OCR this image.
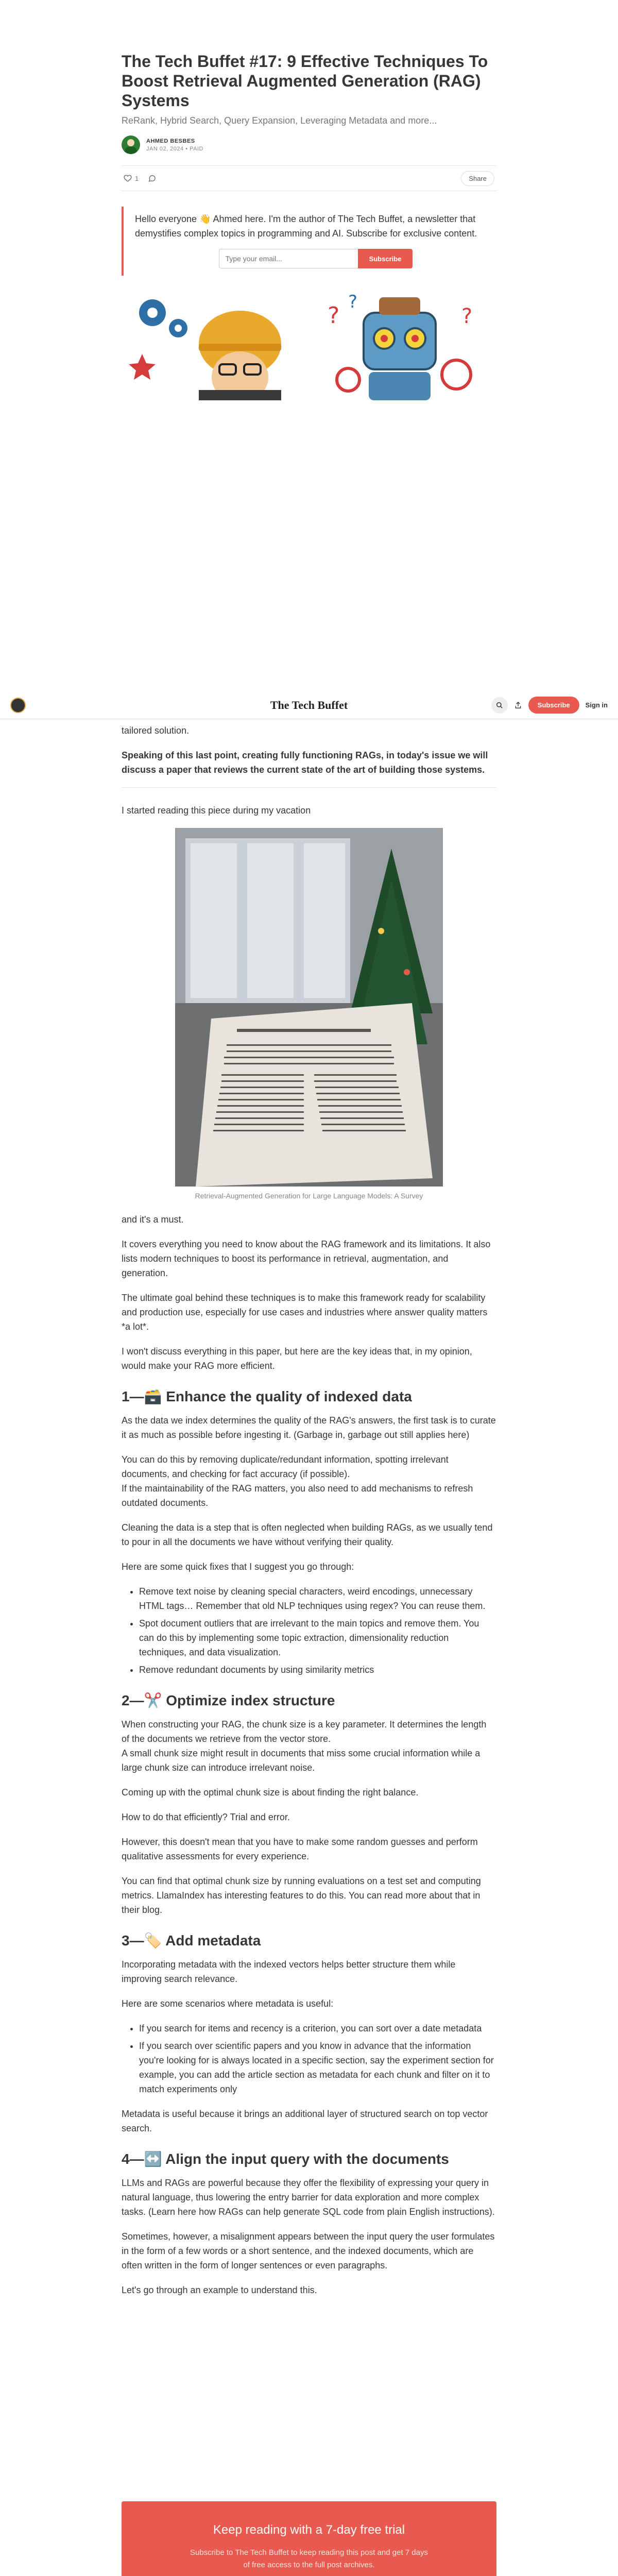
The Tech Buffet #17: 9 Effective Techniques To Boost Retrieval Augmented Generation (RAG) Systems
ReRank, Hybrid Search, Query Expansion, Leveraging Metadata and more...
AHMED BESBES
JAN 02, 2024 • PAID
1	Share

Hello everyone 👋 Ahmed here. I'm the author of The Tech Buffet, a newsletter that demystifies complex topics in programming and AI. Subscribe for exclusive content.

Type your email...
Subscribe
?
?
?
The Tech Buffet	Subscribe	Sign in

tailored solution.

Speaking of this last point, creating fully functioning RAGs, in today's issue we will discuss a paper that reviews the current state of the art of building those systems.

I started reading this piece during my vacation

Retrieval-Augmented Generation for Large Language Models: A Survey

and it's a must.

It covers everything you need to know about the RAG framework and its limitations. It also lists modern techniques to boost its performance in retrieval, augmentation, and generation.

The ultimate goal behind these techniques is to make this framework ready for scalability and production use, especially for use cases and industries where answer quality matters *a lot*.

I won't discuss everything in this paper, but here are the key ideas that, in my opinion, would make your RAG more efficient.

1—🗃️ Enhance the quality of indexed data

As the data we index determines the quality of the RAG's answers, the first task is to curate it as much as possible before ingesting it. (Garbage in, garbage out still applies here)

You can do this by removing duplicate/redundant information, spotting irrelevant documents, and checking for fact accuracy (if possible).

If the maintainability of the RAG matters, you also need to add mechanisms to refresh outdated documents.

Cleaning the data is a step that is often neglected when building RAGs, as we usually tend to pour in all the documents we have without verifying their quality.

Here are some quick fixes that I suggest you go through:

• Remove text noise by cleaning special characters, weird encodings, unnecessary HTML tags… Remember that old NLP techniques using regex? You can reuse them.
• Spot document outliers that are irrelevant to the main topics and remove them. You can do this by implementing some topic extraction, dimensionality reduction techniques, and data visualization.
• Remove redundant documents by using similarity metrics
2—✂️ Optimize index structure

When constructing your RAG, the chunk size is a key parameter. It determines the length of the documents we retrieve from the vector store.

A small chunk size might result in documents that miss some crucial information while a large chunk size can introduce irrelevant noise.

Coming up with the optimal chunk size is about finding the right balance.

How to do that efficiently? Trial and error.

However, this doesn't mean that you have to make some random guesses and perform qualitative assessments for every experience.

You can find that optimal chunk size by running evaluations on a test set and computing metrics. LlamaIndex has interesting features to do this. You can read more about that in their blog.

3—🏷️ Add metadata

Incorporating metadata with the indexed vectors helps better structure them while improving search relevance.

Here are some scenarios where metadata is useful:

• If you search for items and recency is a criterion, you can sort over a date metadata
• If you search over scientific papers and you know in advance that the information you're looking for is always located in a specific section, say the experiment section for example, you can add the article section as metadata for each chunk and filter on it to match experiments only

Metadata is useful because it brings an additional layer of structured search on top vector search.

4—↔️ Align the input query with the documents

LLMs and RAGs are powerful because they offer the flexibility of expressing your query in natural language, thus lowering the entry barrier for data exploration and more complex tasks. (Learn here how RAGs can help generate SQL code from plain English instructions).

Sometimes, however, a misalignment appears between the input query the user formulates in the form of a few words or a short sentence, and the indexed documents, which are often written in the form of longer sentences or even paragraphs.

Let's go through an example to understand this.

Keep reading with a 7-day free trial
Subscribe to The Tech Buffet to keep reading this post and get 7 days of free access to the full post archives.
